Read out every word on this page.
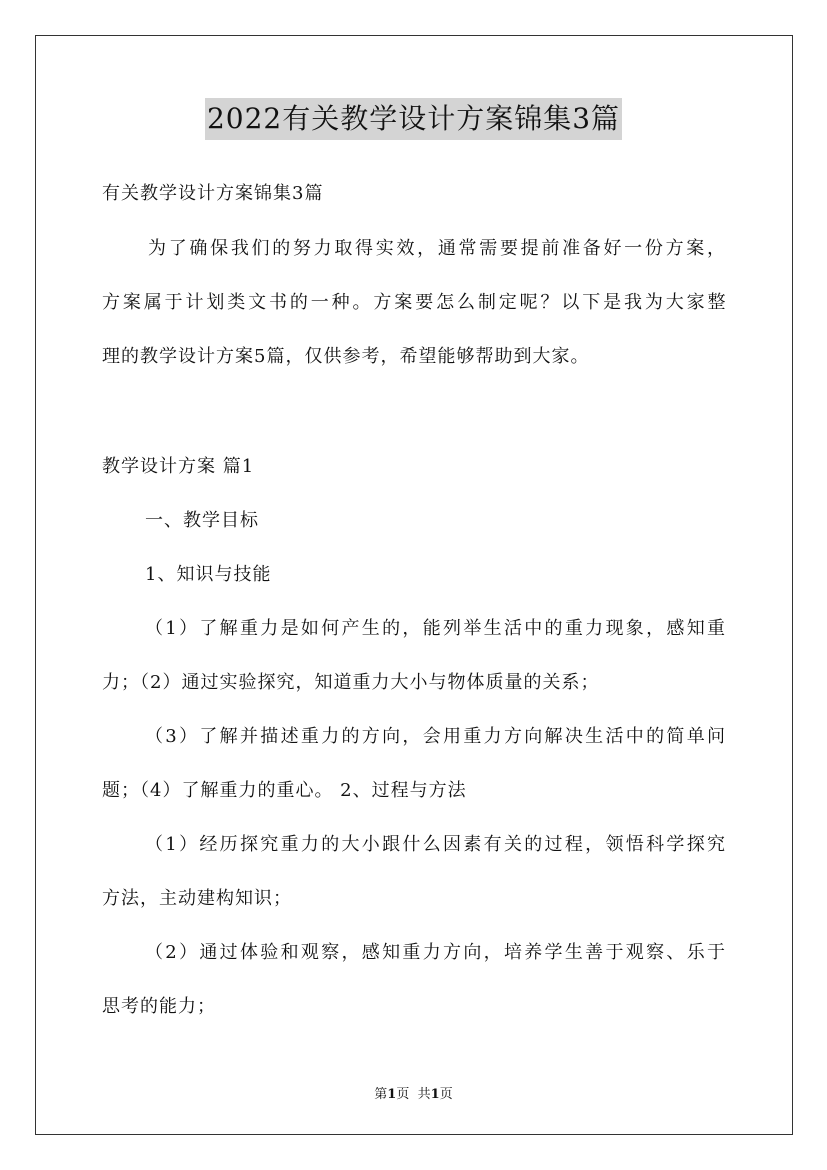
2022有关教学设计方案锦集3篇
有关教学设计方案锦集3篇
为了确保我们的努力取得实效，通常需要提前准备好一份方案，
方案属于计划类文书的一种。方案要怎么制定呢？以下是我为大家整
理的教学设计方案5篇，仅供参考，希望能够帮助到大家。
教学设计方案 篇1
一、教学目标
1、知识与技能
（1）了解重力是如何产生的，能列举生活中的重力现象，感知重
力；（2）通过实验探究，知道重力大小与物体质量的关系；
（3）了解并描述重力的方向，会用重力方向解决生活中的简单问
题；（4）了解重力的重心。 2、过程与方法
（1）经历探究重力的大小跟什么因素有关的过程，领悟科学探究
方法，主动建构知识；
（2）通过体验和观察，感知重力方向，培养学生善于观察、乐于
思考的能力；
第1页 共1页
